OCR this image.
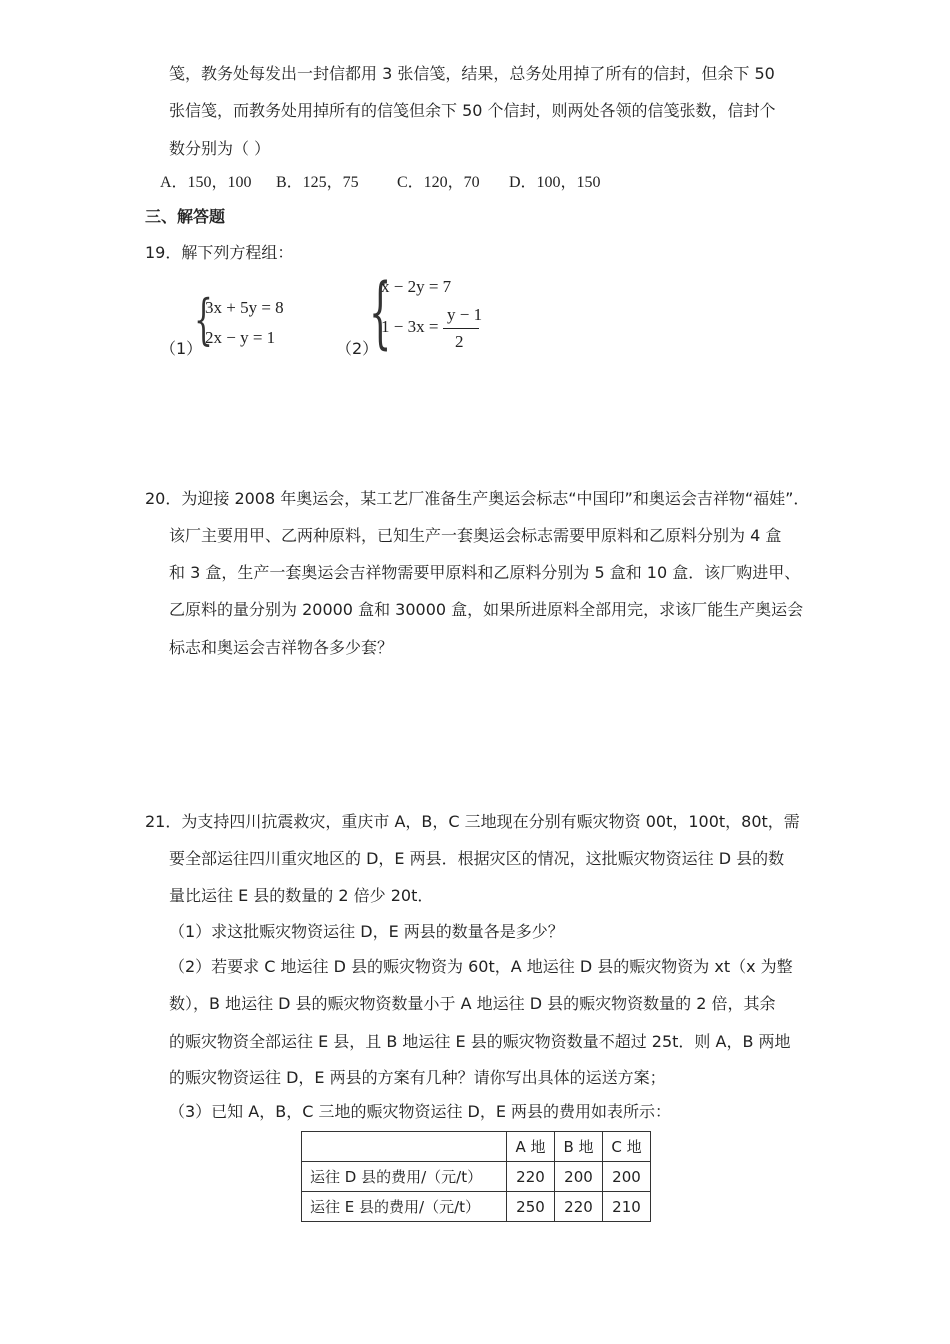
笺，教务处每发出一封信都用 3 张信笺，结果，总务处用掉了所有的信封，但余下 50
张信笺，而教务处用掉所有的信笺但余下 50 个信封，则两处各领的信笺张数，信封个
数分别为（ ）
A．150，100 B．125，75 C．120，70 D．100，150
三、解答题
19．解下列方程组：
（1）
{
3x + 5y = 8
2x − y = 1
（2）
{
x − 2y = 7
1 − 3x =
y − 1
2
20．为迎接 2008 年奥运会，某工艺厂准备生产奥运会标志“中国印”和奥运会吉祥物“福娃”．
该厂主要用甲、乙两种原料，已知生产一套奥运会标志需要甲原料和乙原料分别为 4 盒
和 3 盒，生产一套奥运会吉祥物需要甲原料和乙原料分别为 5 盒和 10 盒．该厂购进甲、
乙原料的量分别为 20000 盒和 30000 盒，如果所进原料全部用完，求该厂能生产奥运会
标志和奥运会吉祥物各多少套？
21．为支持四川抗震救灾，重庆市 A，B，C 三地现在分别有赈灾物资 00t，100t，80t，需
要全部运往四川重灾地区的 D，E 两县．根据灾区的情况，这批赈灾物资运往 D 县的数
量比运往 E 县的数量的 2 倍少 20t．
（1）求这批赈灾物资运往 D，E 两县的数量各是多少？
（2）若要求 C 地运往 D 县的赈灾物资为 60t，A 地运往 D 县的赈灾物资为 xt（x 为整
数），B 地运往 D 县的赈灾物资数量小于 A 地运往 D 县的赈灾物资数量的 2 倍，其余
的赈灾物资全部运往 E 县，且 B 地运往 E 县的赈灾物资数量不超过 25t．则 A，B 两地
的赈灾物资运往 D，E 两县的方案有几种？请你写出具体的运送方案；
（3）已知 A，B，C 三地的赈灾物资运往 D，E 两县的费用如表所示：
	A 地	B 地	C 地
运往 D 县的费用/（元/t）	220	200	200
运往 E 县的费用/（元/t）	250	220	210
